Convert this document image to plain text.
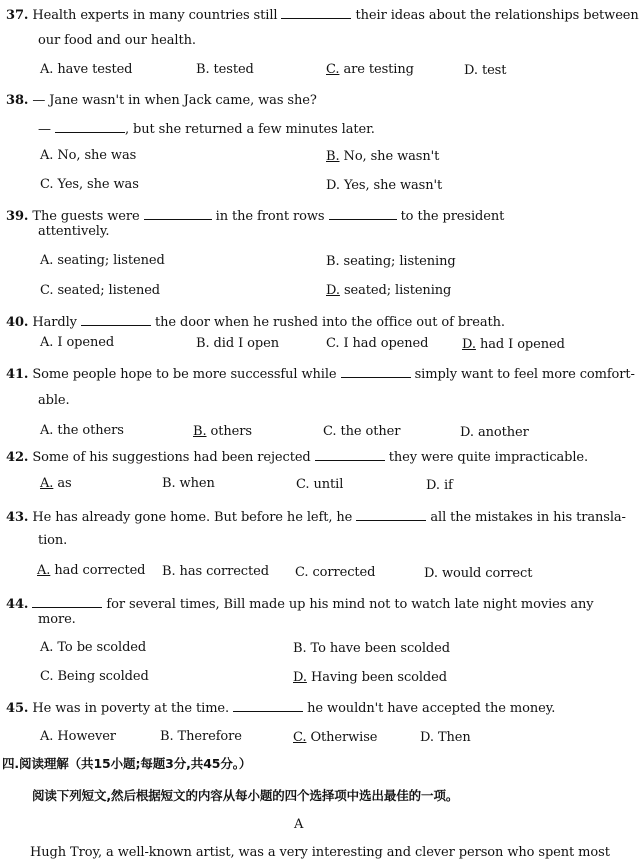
37. Health experts in many countries still	their ideas about the relationships between
our food and our health.
A. have tested	B. tested	C. are testing	D. test
38. — Jane wasn't in when Jack came, was she?
—	, but she returned a few minutes later.
A. No, she was	B. No, she wasn't
C. Yes, she was	D. Yes, she wasn't
39. The guests were	in the front rows	to the president
attentively.
A. seating; listened	B. seating; listening
C. seated; listened	D. seated; listening
40. Hardly	the door when he rushed into the office out of breath.
A. I opened	B. did I open	C. I had opened	D. had I opened
41. Some people hope to be more successful while	simply want to feel more comfort-
able.
A. the others	B. others	C. the other	D. another
42. Some of his suggestions had been rejected	they were quite impracticable.
A. as	B. when	C. until	D. if
43. He has already gone home. But before he left, he	all the mistakes in his transla-
tion.
A. had corrected B. has corrected C. corrected	D. would correct
44.	for several times, Bill made up his mind not to watch late night movies any
more.
A. To be scolded	B. To have been scolded
C. Being scolded	D. Having been scolded
45. He was in poverty at the time.	he wouldn't have accepted the money.
A. However	B. Therefore	C. Otherwise	D. Then
四.阅读理解（共15小题;每题3分,共45分。）
阅读下列短文,然后根据短文的内容从每小题的四个选择项中选出最佳的一项。
A
Hugh Troy, a well-known artist, was a very interesting and clever person who spent most
